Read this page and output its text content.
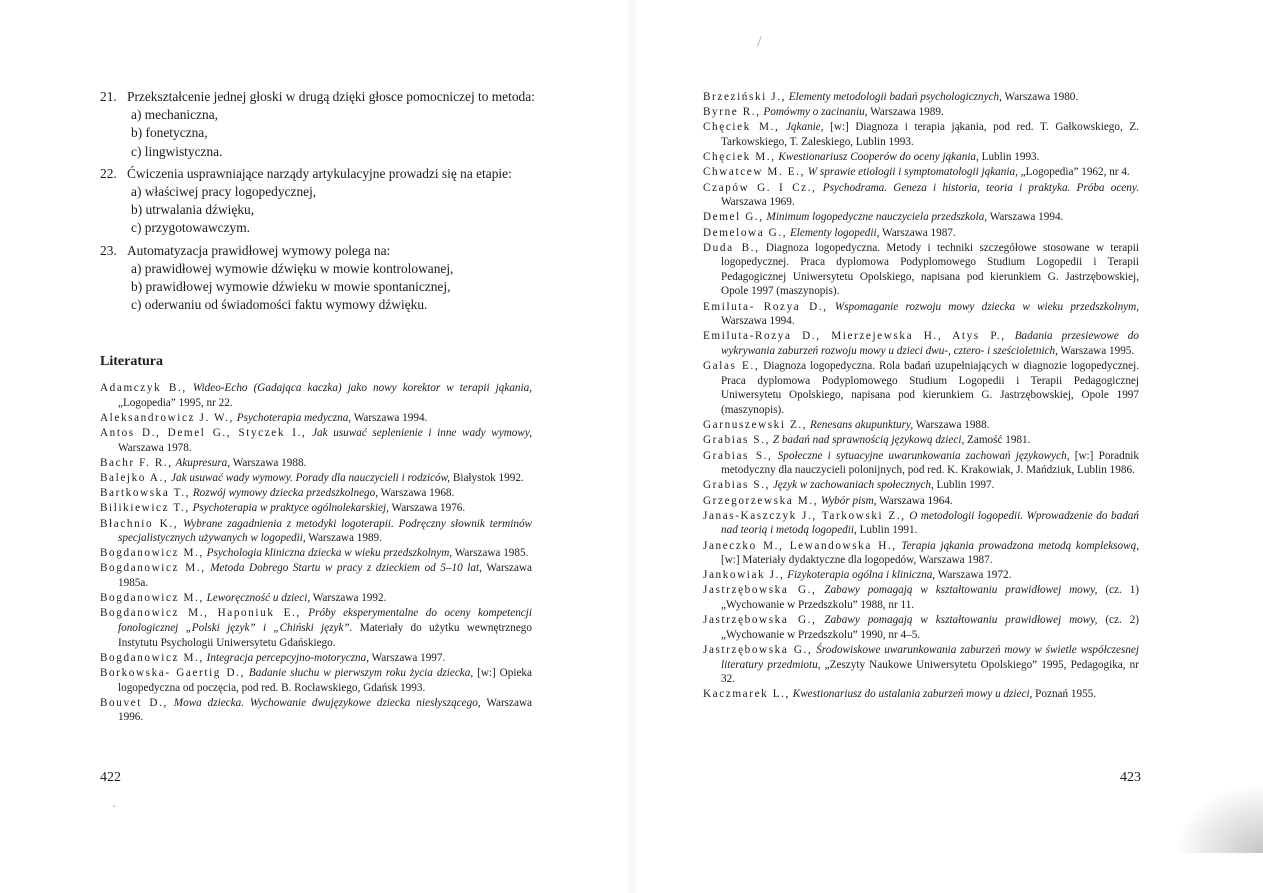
21. Przekształcenie jednej głoski w drugą dzięki głosce pomocniczej to metoda:
a) mechaniczna,
b) fonetyczna,
c) lingwistyczna.
22. Ćwiczenia usprawniające narządy artykulacyjne prowadzi się na etapie:
a) właściwej pracy logopedycznej,
b) utrwalania dźwięku,
c) przygotowawczym.
23. Automatyzacja prawidłowej wymowy polega na:
a) prawidłowej wymowie dźwięku w mowie kontrolowanej,
b) prawidłowej wymowie dźwieku w mowie spontanicznej,
c) oderwaniu od świadomości faktu wymowy dźwięku.
Literatura
Adamczyk B., Wideo-Echo (Gadająca kaczka) jako nowy korektor w terapii jąkania, „Logopedia” 1995, nr 22.
Aleksandrowicz J. W., Psychoterapia medyczna, Warszawa 1994.
Antos D., Demel G., Styczek I., Jak usuwać seplenienie i inne wady wymowy, Warszawa 1978.
Bachr F. R., Akupresura, Warszawa 1988.
Balejko A., Jak usuwać wady wymowy. Porady dla nauczycieli i rodziców, Białystok 1992.
Bartkowska T., Rozwój wymowy dziecka przedszkolnego, Warszawa 1968.
Bilikiewicz T., Psychoterapia w praktyce ogólnolekarskiej, Warszawa 1976.
Błachnio K., Wybrane zagadnienia z metodyki logoterapii. Podręczny słownik terminów specjalistycznych używanych w logopedii, Warszawa 1989.
Bogdanowicz M., Psychologia kliniczna dziecka w wieku przedszkolnym, Warszawa 1985.
Bogdanowicz M., Metoda Dobrego Startu w pracy z dzieckiem od 5–10 lat, Warszawa 1985a.
Bogdanowicz M., Leworęczność u dzieci, Warszawa 1992.
Bogdanowicz M., Haponiuk E., Próby eksperymentalne do oceny kompetencji fonologicznej „Polski język” i „Chiński język”. Materiały do użytku wewnętrznego Instytutu Psychologii Uniwersytetu Gdańskiego.
Bogdanowicz M., Integracja percepcyjno-motoryczna, Warszawa 1997.
Borkowska- Gaertig D., Badanie słuchu w pierwszym roku życia dziecka, [w:] Opieka logopedyczna od poczęcia, pod red. B. Rocławskiego, Gdańsk 1993.
Bouvet D., Mowa dziecka. Wychowanie dwujęzykowe dziecka niesłyszącego, Warszawa 1996.
422
·
Brzeziński J., Elementy metodologii badań psychologicznych, Warszawa 1980.
Byrne R., Pomówmy o zacinaniu, Warszawa 1989.
Chęciek M., Jąkanie, [w:] Diagnoza i terapia jąkania, pod red. T. Gałkowskiego, Z. Tarkowskiego, T. Zaleskiego, Lublin 1993.
Chęciek M., Kwestionariusz Cooperów do oceny jąkania, Lublin 1993.
Chwatcew M. E., W sprawie etiologii i symptomatologii jąkania, „Logopedia” 1962, nr 4.
Czapów G. I Cz., Psychodrama. Geneza i historia, teoria i praktyka. Próba oceny. Warszawa 1969.
Demel G., Minimum logopedyczne nauczyciela przedszkola, Warszawa 1994.
Demelowa G., Elementy logopedii, Warszawa 1987.
Duda B., Diagnoza logopedyczna. Metody i techniki szczegółowe stosowane w terapii logopedycznej. Praca dyplomowa Podyplomowego Studium Logopedii i Terapii Pedagogicznej Uniwersytetu Opolskiego, napisana pod kierunkiem G. Jastrzębowskiej, Opole 1997 (maszynopis).
Emiluta- Rozya D., Wspomaganie rozwoju mowy dziecka w wieku przedszkolnym, Warszawa 1994.
Emiluta-Rozya D., Mierzejewska H., Atys P., Badania przesiewowe do wykrywania zaburzeń rozwoju mowy u dzieci dwu-, cztero- i sześcioletnich, Warszawa 1995.
Galas E., Diagnoza logopedyczna. Rola badań uzupełniających w diagnozie logopedycznej. Praca dyplomowa Podyplomowego Studium Logopedii i Terapii Pedagogicznej Uniwersytetu Opolskiego, napisana pod kierunkiem G. Jastrzębowskiej, Opole 1997 (maszynopis).
Garnuszewski Z., Renesans akupunktury, Warszawa 1988.
Grabias S., Z badań nad sprawnością językową dzieci, Zamość 1981.
Grabias S., Społeczne i sytuacyjne uwarunkowania zachowań językowych, [w:] Poradnik metodyczny dla nauczycieli polonijnych, pod red. K. Krakowiak, J. Mańdziuk, Lublin 1986.
Grabias S., Język w zachowaniach społecznych, Lublin 1997.
Grzegorzewska M., Wybór pism, Warszawa 1964.
Janas-Kaszczyk J., Tarkowski Z., O metodologii logopedii. Wprowadzenie do badań nad teorią i metodą logopedii, Lublin 1991.
Janeczko M., Lewandowska H., Terapia jąkania prowadzona metodą kompleksową, [w:] Materiały dydaktyczne dla logopedów, Warszawa 1987.
Jankowiak J., Fizykoterapia ogólna i kliniczna, Warszawa 1972.
Jastrzębowska G., Zabawy pomagają w kształtowaniu prawidłowej mowy, (cz. 1) „Wychowanie w Przedszkolu” 1988, nr 11.
Jastrzębowska G., Zabawy pomagają w kształtowaniu prawidłowej mowy, (cz. 2) „Wychowanie w Przedszkolu” 1990, nr 4–5.
Jastrzębowska G., Środowiskowe uwarunkowania zaburzeń mowy w świetle współczesnej literatury przedmiotu, „Zeszyty Naukowe Uniwersytetu Opolskiego” 1995, Pedagogika, nr 32.
Kaczmarek L., Kwestionariusz do ustalania zaburzeń mowy u dzieci, Poznań 1955.
423
/
